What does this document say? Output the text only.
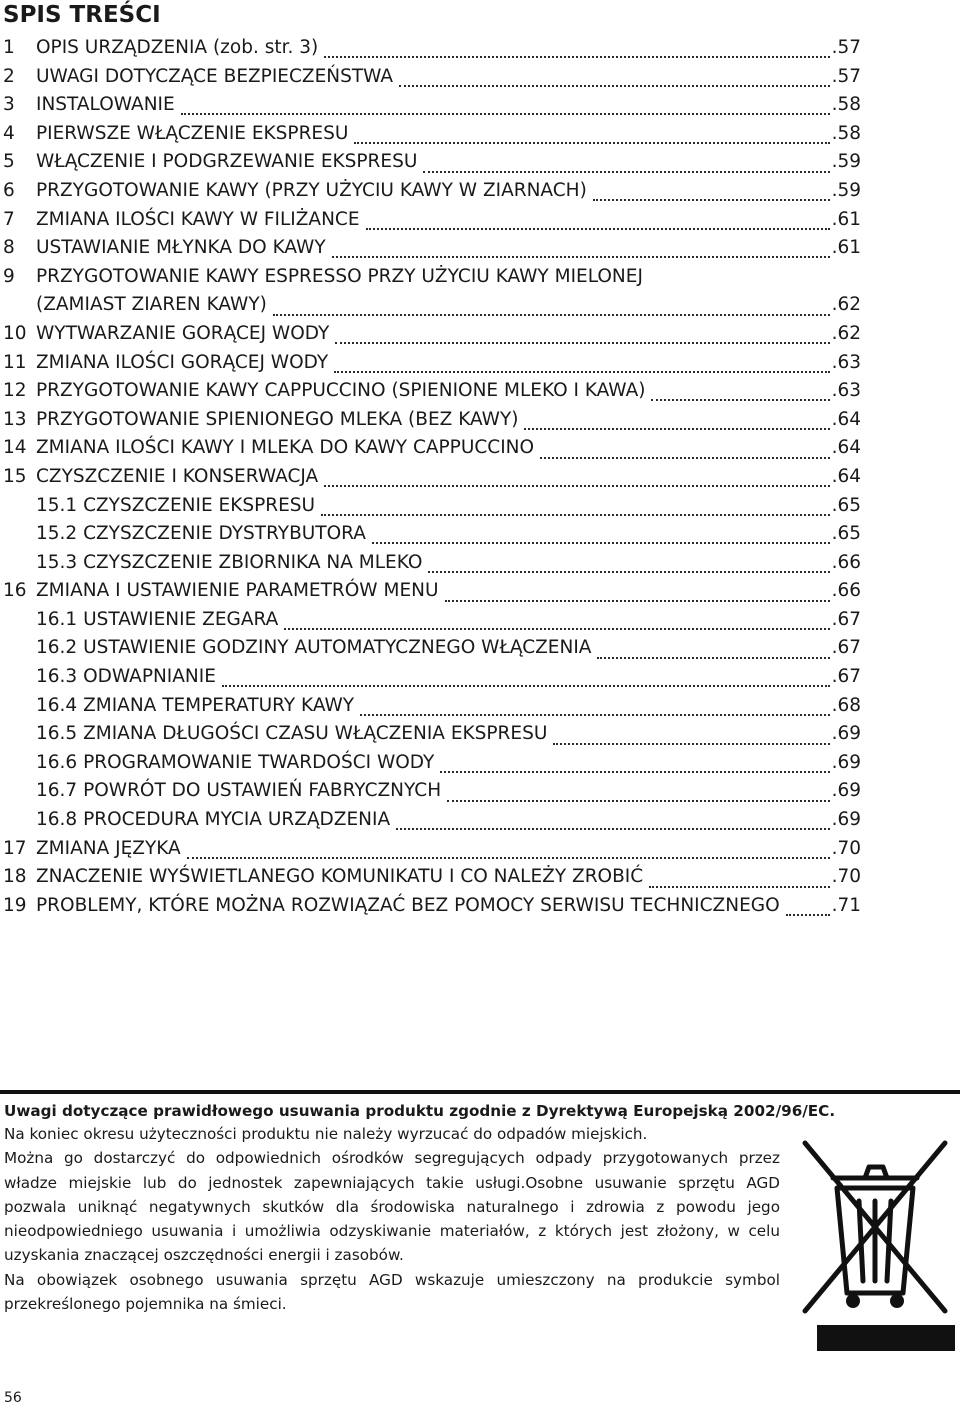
SPIS TREŚCI
1	OPIS URZĄDZENIA (zob. str. 3)	.57
2	UWAGI DOTYCZĄCE BEZPIECZEŃSTWA	.57
3	INSTALOWANIE	.58
4	PIERWSZE WŁĄCZENIE EKSPRESU	.58
5	WŁĄCZENIE I PODGRZEWANIE EKSPRESU	.59
6	PRZYGOTOWANIE KAWY (PRZY UŻYCIU KAWY W ZIARNACH)	.59
7	ZMIANA ILOŚCI KAWY W FILIŻANCE	.61
8	USTAWIANIE MŁYNKA DO KAWY	.61
9	PRZYGOTOWANIE KAWY ESPRESSO PRZY UŻYCIU KAWY MIELONEJ
(ZAMIAST ZIAREN KAWY)	.62
10 WYTWARZANIE GORĄCEJ WODY	.62
11 ZMIANA ILOŚCI GORĄCEJ WODY	.63
12 PRZYGOTOWANIE KAWY CAPPUCCINO (SPIENIONE MLEKO I KAWA)	.63
13 PRZYGOTOWANIE SPIENIONEGO MLEKA (BEZ KAWY)	.64
14 ZMIANA ILOŚCI KAWY I MLEKA DO KAWY CAPPUCCINO	.64
15 CZYSZCZENIE I KONSERWACJA	.64
15.1 CZYSZCZENIE EKSPRESU	.65
15.2 CZYSZCZENIE DYSTRYBUTORA	.65
15.3 CZYSZCZENIE ZBIORNIKA NA MLEKO	.66
16 ZMIANA I USTAWIENIE PARAMETRÓW MENU	.66
16.1 USTAWIENIE ZEGARA	.67
16.2 USTAWIENIE GODZINY AUTOMATYCZNEGO WŁĄCZENIA	.67
16.3 ODWAPNIANIE	.67
16.4 ZMIANA TEMPERATURY KAWY	.68
16.5 ZMIANA DŁUGOŚCI CZASU WŁĄCZENIA EKSPRESU	.69
16.6 PROGRAMOWANIE TWARDOŚCI WODY	.69
16.7 POWRÓT DO USTAWIEŃ FABRYCZNYCH	.69
16.8 PROCEDURA MYCIA URZĄDZENIA	.69
17 ZMIANA JĘZYKA	.70
18 ZNACZENIE WYŚWIETLANEGO KOMUNIKATU I CO NALEŻY ZROBIĆ	.70
19 PROBLEMY, KTÓRE MOŻNA ROZWIĄZAĆ BEZ POMOCY SERWISU TECHNICZNEGO	.71
Uwagi dotyczące prawidłowego usuwania produktu zgodnie z Dyrektywą Europejską 2002/96/EC.

Na koniec okresu użyteczności produktu nie należy wyrzucać do odpadów miejskich.

Można go dostarczyć do odpowiednich ośrodków segregujących odpady przygotowanych przez władze miejskie lub do jednostek zapewniających takie usługi.Osobne usuwanie sprzętu AGD pozwala uniknąć negatywnych skutków dla środowiska naturalnego i zdrowia z powodu jego nieodpowiedniego usuwania i umożliwia odzyskiwanie materiałów, z których jest złożony, w celu uzyskania znaczącej oszczędności energii i zasobów.

Na obowiązek osobnego usuwania sprzętu AGD wskazuje umieszczony na produkcie symbol przekreślonego pojemnika na śmieci.

56
